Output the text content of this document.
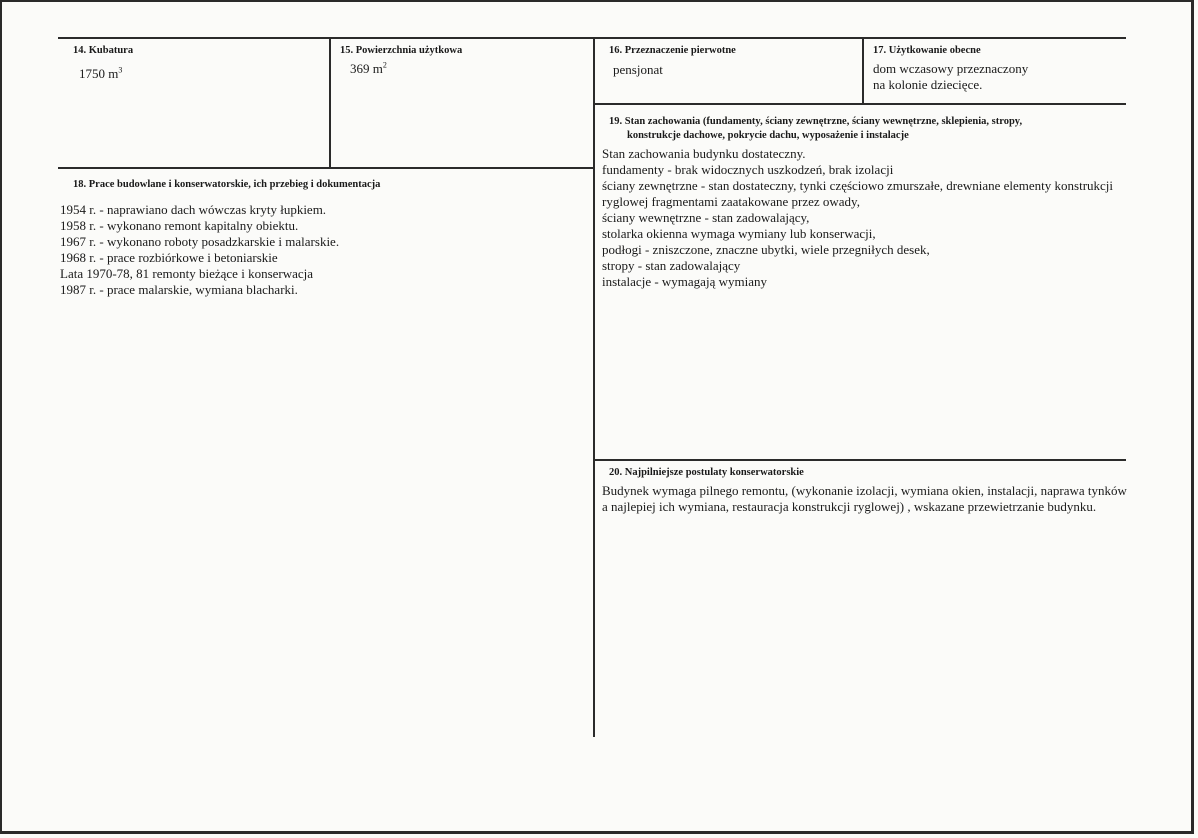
14. Kubatura
1750 $m^3$
15. Powierzchnia użytkowa
369 $m^2$
16. Przeznaczenie pierwotne
pensjonat
17. Użytkowanie obecne
dom wczasowy przeznaczony
na kolonie dziecięce.
18. Prace budowlane i konserwatorskie, ich przebieg i dokumentacja
1954 r. - naprawiano dach wówczas kryty łupkiem.
1958 r. - wykonano remont kapitalny obiektu.
1967 r. - wykonano roboty posadzkarskie i malarskie.
1968 r. - prace rozbiórkowe i betoniarskie
Lata 1970-78, 81 remonty bieżące i konserwacja
1987 r. - prace malarskie, wymiana blacharki.
19. Stan zachowania (fundamenty, ściany zewnętrzne, ściany wewnętrzne, sklepienia, stropy,
konstrukcje dachowe, pokrycie dachu, wyposażenie i instalacje
Stan zachowania budynku dostateczny.
fundamenty - brak widocznych uszkodzeń, brak izolacji
ściany zewnętrzne - stan dostateczny, tynki częściowo zmurszałe, drewniane elementy konstrukcji
ryglowej fragmentami zaatakowane przez owady,
ściany wewnętrzne - stan zadowalający,
stolarka okienna wymaga wymiany lub konserwacji,
podłogi - zniszczone, znaczne ubytki, wiele przegniłych desek,
stropy - stan zadowalający
instalacje - wymagają wymiany
20. Najpilniejsze postulaty konserwatorskie
Budynek wymaga pilnego remontu, (wykonanie izolacji, wymiana okien, instalacji, naprawa tynków
a najlepiej ich wymiana, restauracja konstrukcji ryglowej) , wskazane przewietrzanie budynku.
